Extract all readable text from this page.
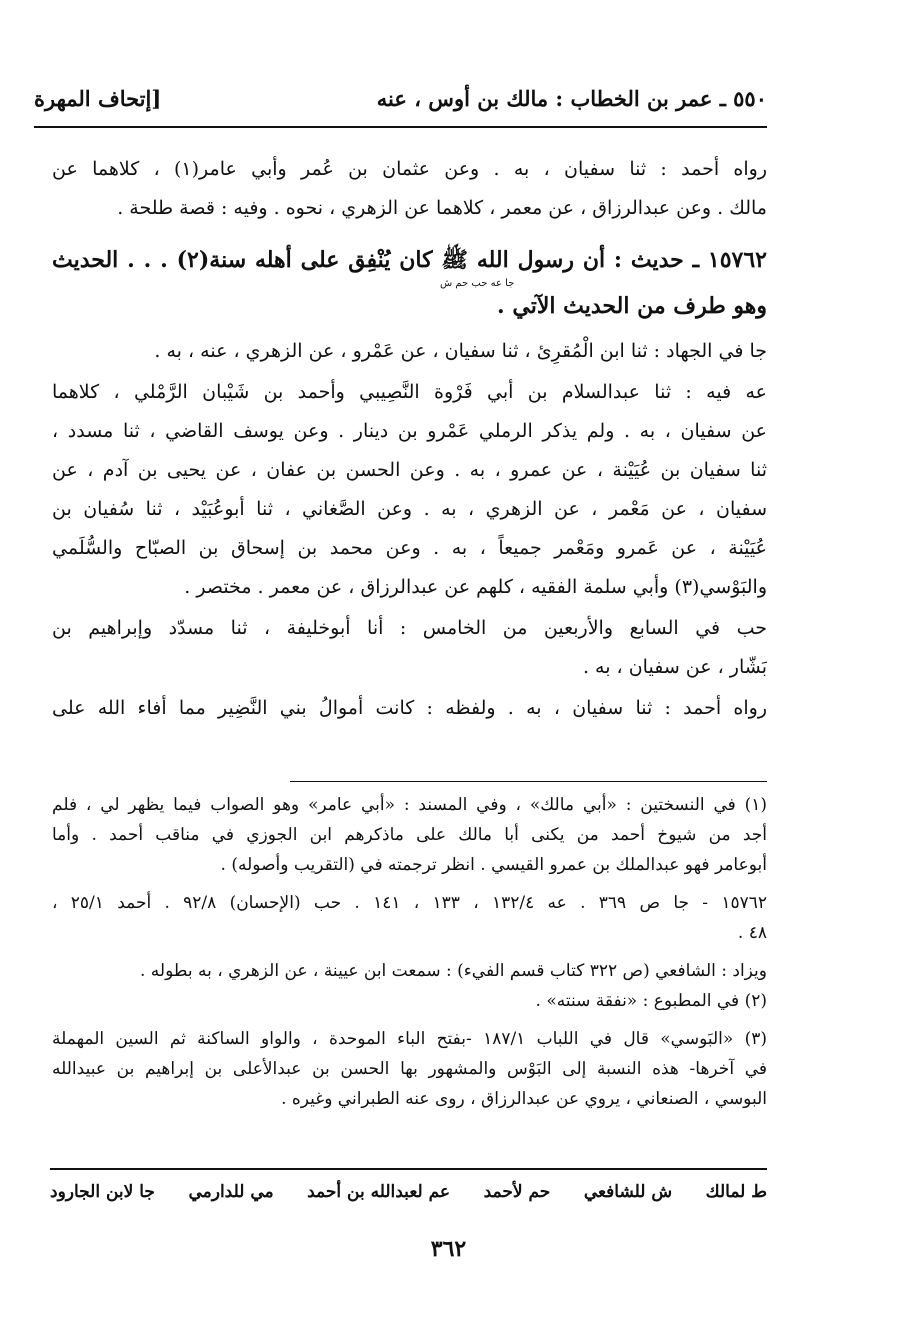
٥٥٠ ـ عمر بن الخطاب : مالك بن أوس ، عنه
[إتحاف المهرة
رواه أحمد : ثنا سفيان ، به . وعن عثمان بن عُمر وأبي عامر(١) ، كلاهما عن
مالك . وعن عبدالرزاق ، عن معمر ، كلاهما عن الزهري ، نحوه . وفيه : قصة طلحة .
١٥٧٦٢ ـ حديث : أن رسول الله ﷺ كان يُنْفِق على أهله سنة(٢) . . . الحديث
وهو طرف من الحديث الآتي .
جا في الجهاد : ثنا ابن الْمُقرِئ ، ثنا سفيان ، عن عَمْرو ، عن الزهري ، عنه ، به .
عه فيه : ثنا عبدالسلام بن أبي فَرْوة النَّصِيبي وأحمد بن شَيْبان الرَّمْلي ، كلاهما
عن سفيان ، به . ولم يذكر الرملي عَمْرو بن دينار . وعن يوسف القاضي ، ثنا مسدد ،
ثنا سفيان بن عُيَيْنة ، عن عمرو ، به . وعن الحسن بن عفان ، عن يحيى بن آدم ، عن
سفيان ، عن مَعْمر ، عن الزهري ، به . وعن الصَّغاني ، ثنا أبوعُبَيْد ، ثنا سُفيان بن
عُيَيْنة ، عن عَمرو ومَعْمر جميعاً ، به . وعن محمد بن إسحاق بن الصبّاح والسُّلَمي
والبَوْسي(٣) وأبي سلمة الفقيه ، كلهم عن عبدالرزاق ، عن معمر . مختصر .
حب في السابع والأربعين من الخامس : أنا أبوخليفة ، ثنا مسدّد وإبراهيم بن
بَشّار ، عن سفيان ، به .
رواه أحمد : ثنا سفيان ، به . ولفظه : كانت أموالُ بني النَّضِير مما أفاء الله على
جا عه حب حم ش
(١) في النسختين : «أبي مالك» ، وفي المسند : «أبي عامر» وهو الصواب فيما يظهر لي ، فلم
أجد من شيوخ أحمد من يكنى أبا مالك على ماذكرهم ابن الجوزي في مناقب أحمد . وأما
أبوعامر فهو عبدالملك بن عمرو القيسي . انظر ترجمته في (التقريب وأصوله) .
١٥٧٦٢ - جا ص ٣٦٩ . عه ١٣٢/٤ ، ١٣٣ ، ١٤١ . حب (الإحسان) ٩٢/٨ . أحمد ٢٥/١ ،
٤٨ .
ويزاد : الشافعي (ص ٣٢٢ كتاب قسم الفيء) : سمعت ابن عيينة ، عن الزهري ، به بطوله .
(٢) في المطبوع : «نفقة سنته» .
(٣) «البَوسي» قال في اللباب ١٨٧/١ -بفتح الباء الموحدة ، والواو الساكنة ثم السين المهملة
في آخرها- هذه النسبة إلى البَوْس والمشهور بها الحسن بن عبدالأعلى بن إبراهيم بن عبيدالله
البوسي ، الصنعاني ، يروي عن عبدالرزاق ، روى عنه الطبراني وغيره .
ط لمالك
ش للشافعي
حم لأحمد
عم لعبدالله بن أحمد
مي للدارمي
جا لابن الجارود
٣٦٢
